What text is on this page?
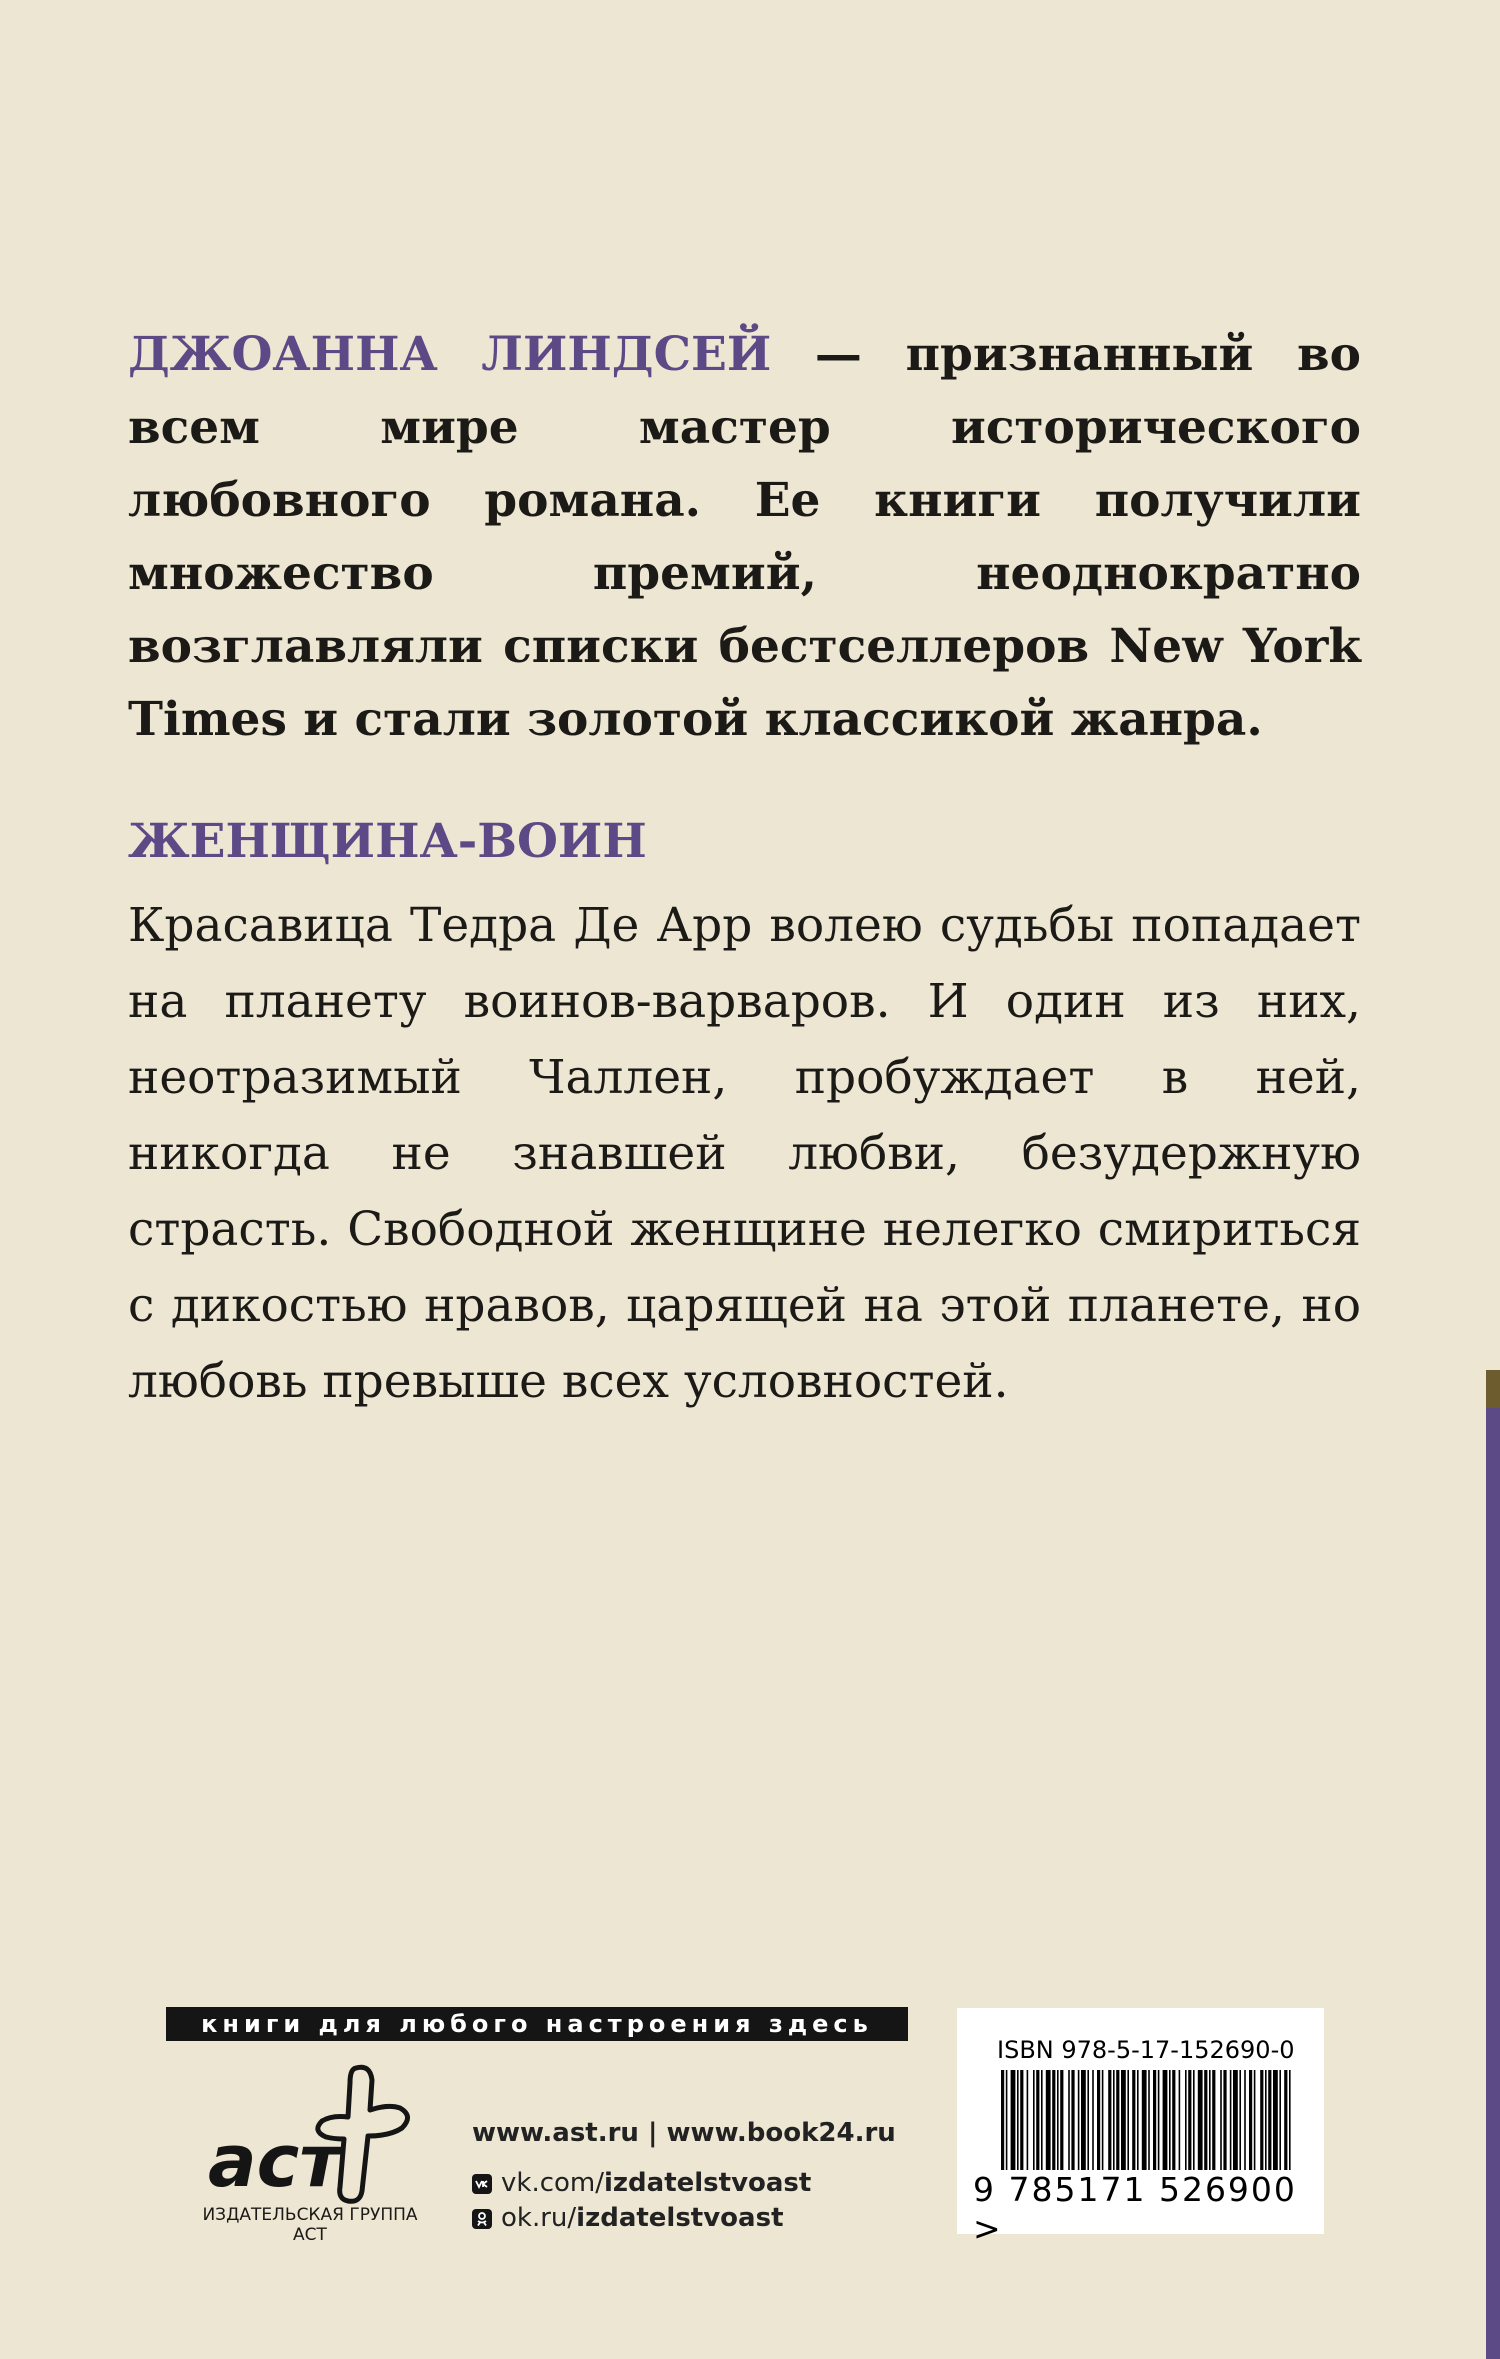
ДЖОАННА ЛИНДСЕЙ — признанный во всем мире мастер исторического любовного романа. Ее книги получили множество премий, неоднократно возглавляли списки бестселлеров New York Times и стали золотой классикой жанра.

ЖЕНЩИНА-ВОИН

Красавица Тедра Де Арр волею судьбы попадает на планету воинов-варваров. И один из них, неотразимый Чаллен, пробуждает в ней, никогда не знавшей любви, безудержную страсть. Свободной женщине нелегко смириться с дикостью нравов, царящей на этой планете, но любовь превыше всех условностей.

книги для любого настроения здесь
аст
ИЗДАТЕЛЬСКАЯ ГРУППА АСТ
www.ast.ru | www.book24.ru
vk.com/ izdatelstvoast
ok.ru/ izdatelstvoast
ISBN 978-5-17-152690-0
9 785171 526900 >
